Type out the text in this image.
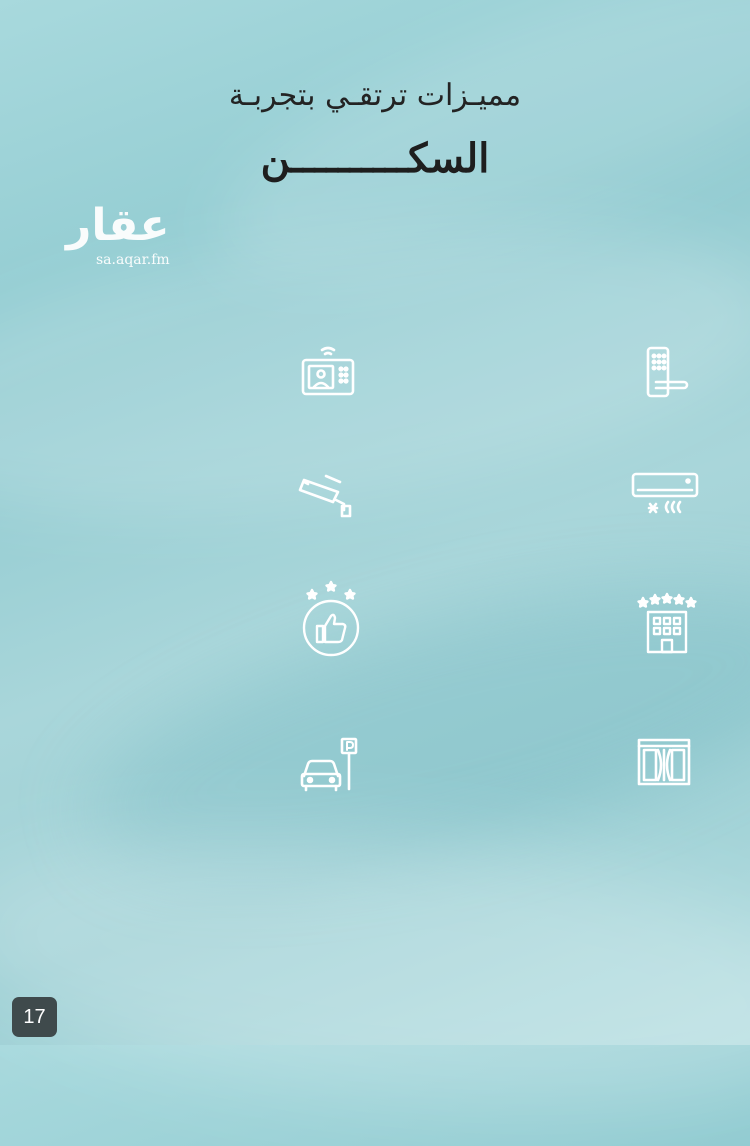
مميـزات ترتقـي بتجربـة
السكــــــــــن
عقار
sa.aqar.fm
17
